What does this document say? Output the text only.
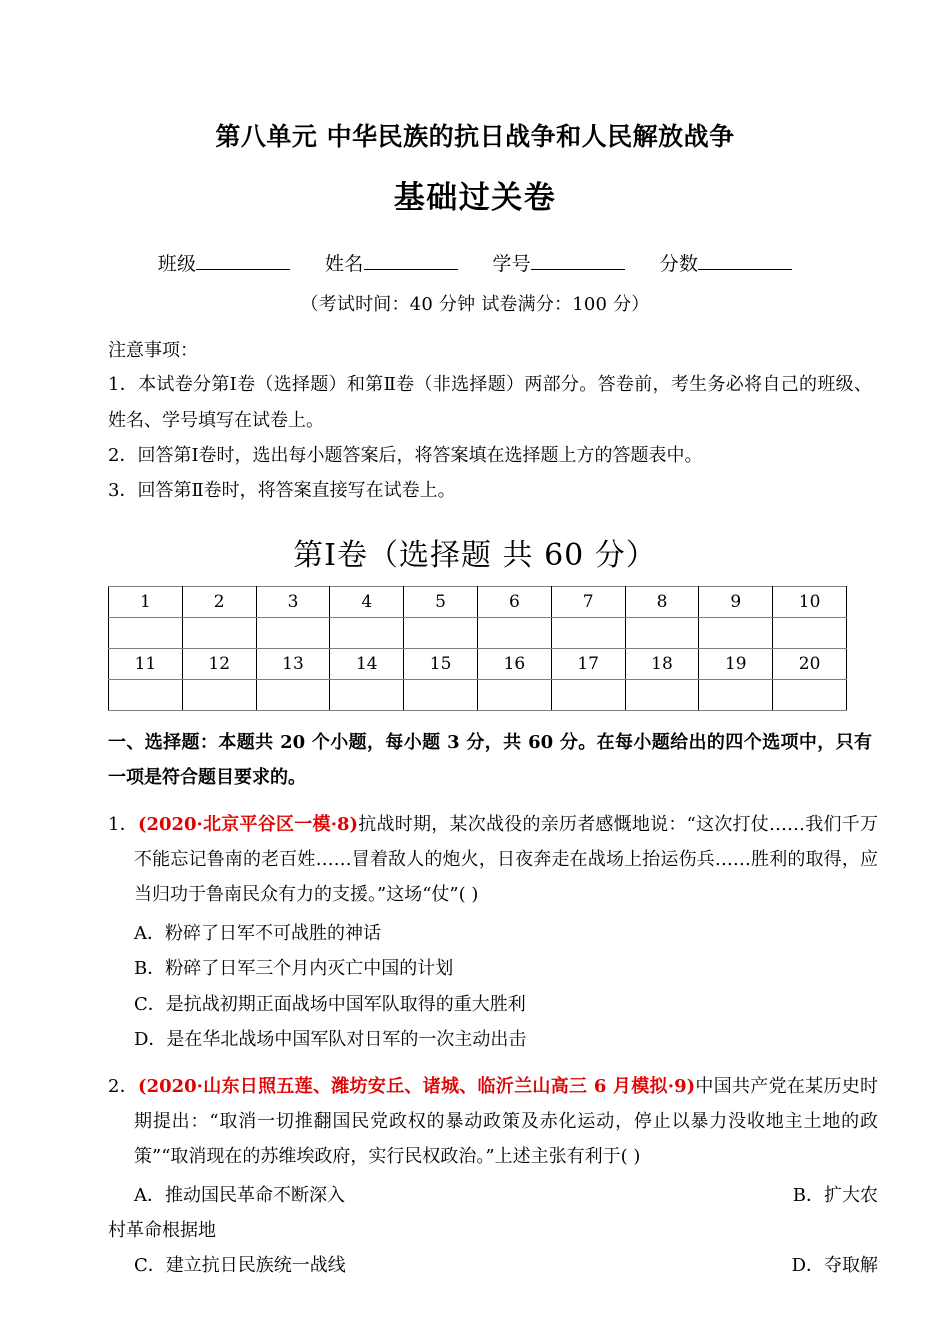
第八单元 中华民族的抗日战争和人民解放战争
基础过关卷
班级	姓名	学号	分数
（考试时间：40 分钟 试卷满分：100 分）
注意事项：
1．本试卷分第Ⅰ卷（选择题）和第Ⅱ卷（非选择题）两部分。答卷前，考生务必将自己的班级、姓名、学号填写在试卷上。
2．回答第Ⅰ卷时，选出每小题答案后，将答案填在选择题上方的答题表中。
3．回答第Ⅱ卷时，将答案直接写在试卷上。
第Ⅰ卷（选择题 共 60 分）
1	2	3	4	5	6	7	8	9	10

11	12	13	14	15	16	17	18	19	20

一、选择题：本题共 20 个小题，每小题 3 分，共 60 分。在每小题给出的四个选项中，只有一项是符合题目要求的。
1．(2020·北京平谷区一模·8)抗战时期，某次战役的亲历者感慨地说：“这次打仗……我们千万不能忘记鲁南的老百姓……冒着敌人的炮火，日夜奔走在战场上抬运伤兵……胜利的取得，应当归功于鲁南民众有力的支援。”这场“仗”( )
A．粉碎了日军不可战胜的神话
B．粉碎了日军三个月内灭亡中国的计划
C．是抗战初期正面战场中国军队取得的重大胜利
D．是在华北战场中国军队对日军的一次主动出击
2．(2020·山东日照五莲、潍坊安丘、诸城、临沂兰山高三 6 月模拟·9)中国共产党在某历史时期提出：“取消一切推翻国民党政权的暴动政策及赤化运动，停止以暴力没收地主土地的政策”“取消现在的苏维埃政府，实行民权政治。”上述主张有利于( )
A．推动国民革命不断深入	B．扩大农
村革命根据地
C．建立抗日民族统一战线	D．夺取解
